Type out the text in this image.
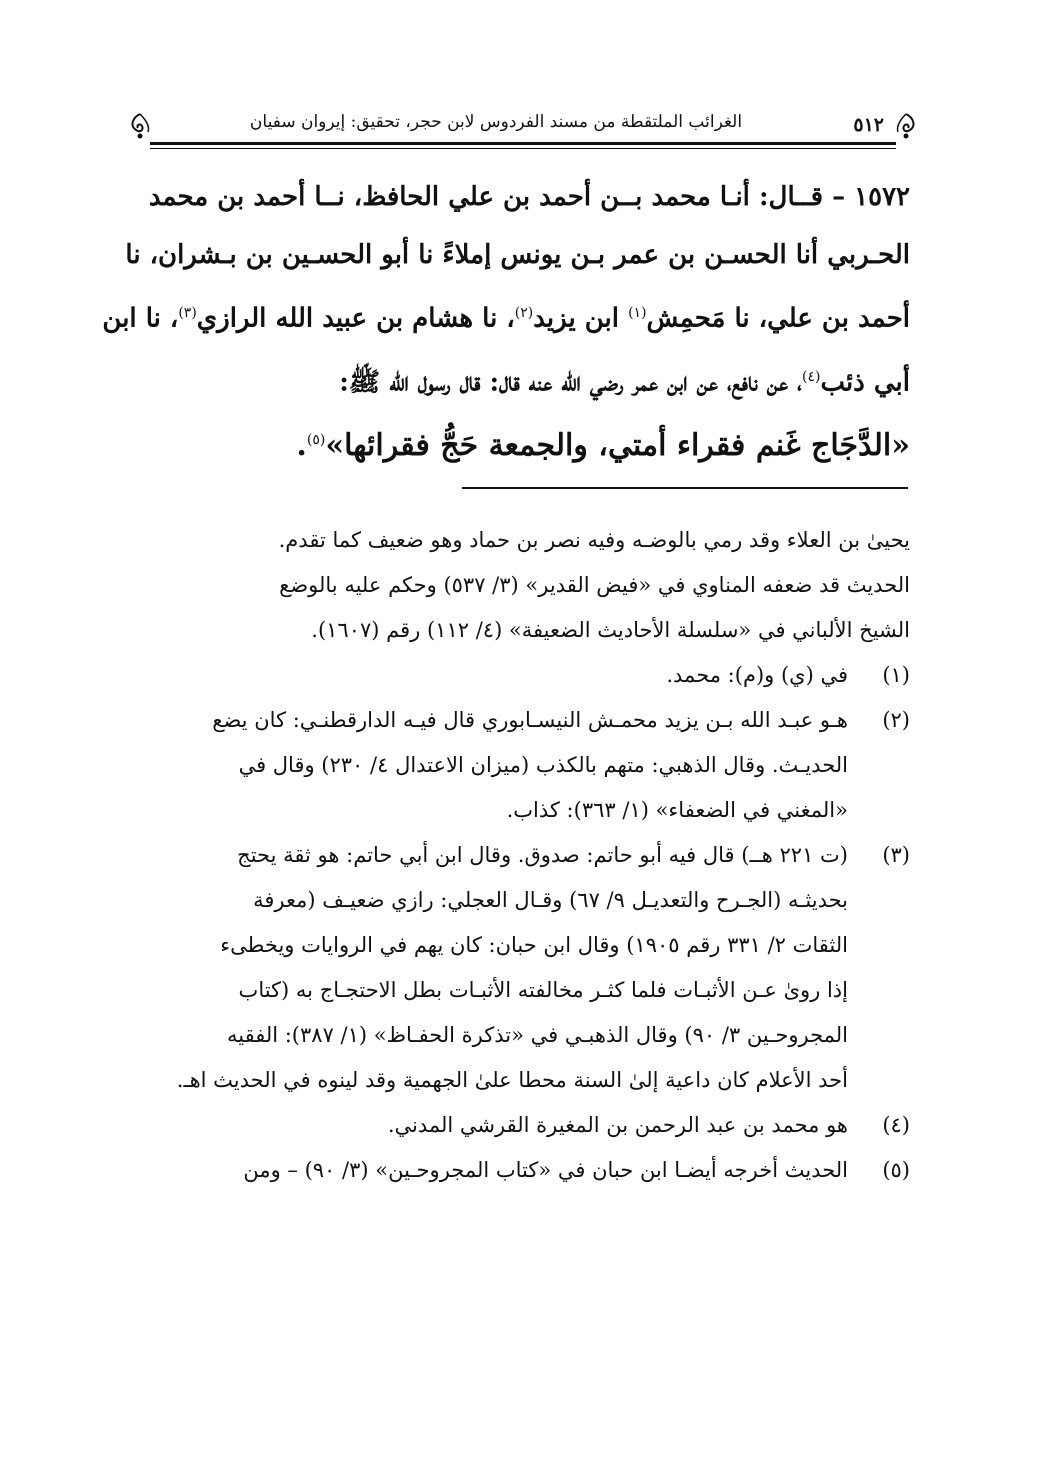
٥١٢
الغرائب الملتقطة من مسند الفردوس لابن حجر، تحقيق: إيروان سفيان
١٥٧٢ – قــال: أنـا محمد بــن أحمد بن علي الحافظ، نــا أحمد بن محمد
الحـربي أنا الحسـن بن عمر بـن يونس إملاءً نا أبو الحسـين بن بـشران، نا
أحمد بن علي، نا مَحمِش$^{(١)}$ ابن يزيد$^{(٢)}$، نا هشام بن عبيد الله الرازي$^{(٣)}$، نا ابن
أبي ذئب$^{(٤)}$، عن نافع، عن ابن عمر رضي الله عنه قال: قال رسول الله ﷺ:
«الدَّجَاج غَنم فقراء أمتي، والجمعة حَجُّ فقرائها»$^{(٥)}$.
يحيىٰ بن العلاء وقد رمي بالوضـه وفيه نصر بن حماد وهو ضعيف كما تقدم.
الحديث قد ضعفه المناوي في «فيض القدير» (٣/ ٥٣٧) وحكم عليه بالوضع
الشيخ الألباني في «سلسلة الأحاديث الضعيفة» (٤/ ١١٢) رقم (١٦٠٧).
(١)
في (ي) و(م): محمد.
(٢)
هـو عبـد الله بـن يزيد محمـش النيسـابوري قال فيـه الدارقطنـي: كان يضع
الحديـث. وقال الذهبي: متهم بالكذب (ميزان الاعتدال ٤/ ٢٣٠) وقال في
«المغني في الضعفاء» (١/ ٣٦٣): كذاب.
(٣)
(ت ٢٢١ هــ) قال فيه أبو حاتم: صدوق. وقال ابن أبي حاتم: هو ثقة يحتج
بحديثـه (الجـرح والتعديـل ٩/ ٦٧) وقـال العجلي: رازي ضعيـف (معرفة
الثقات ٢/ ٣٣١ رقم ١٩٠٥) وقال ابن حبان: كان يهم في الروايات ويخطىء
إذا روىٰ عـن الأثبـات فلما كثـر مخالفته الأثبـات بطل الاحتجـاج به (كتاب
المجروحـين ٣/ ٩٠) وقال الذهبـي في «تذكرة الحفـاظ» (١/ ٣٨٧): الفقيه
أحد الأعلام كان داعية إلىٰ السنة محطا علىٰ الجهمية وقد لينوه في الحديث اهـ.
(٤)
هو محمد بن عبد الرحمن بن المغيرة القرشي المدني.
(٥)
الحديث أخرجه أيضـا ابن حبان في «كتاب المجروحـين» (٣/ ٩٠) – ومن
